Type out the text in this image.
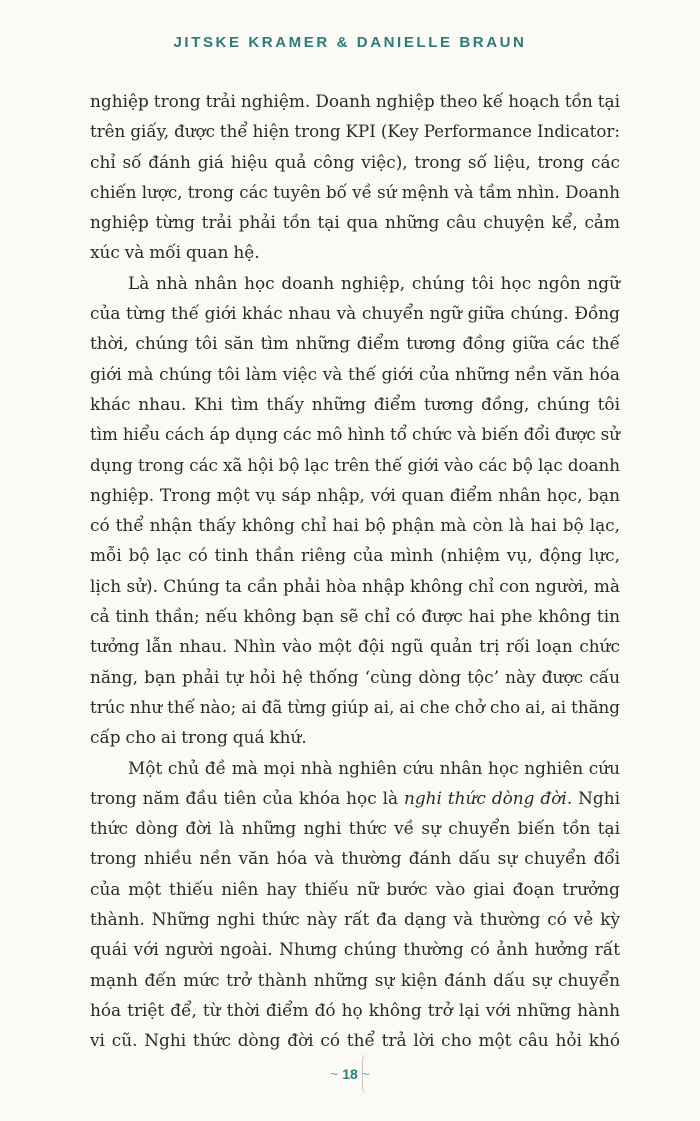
JITSKE KRAMER & DANIELLE BRAUN
nghiệp trong trải nghiệm. Doanh nghiệp theo kế hoạch tồn tại
trên giấy, được thể hiện trong KPI (Key Performance Indicator:
chỉ số đánh giá hiệu quả công việc), trong số liệu, trong các
chiến lược, trong các tuyên bố về sứ mệnh và tầm nhìn. Doanh
nghiệp từng trải phải tồn tại qua những câu chuyện kể, cảm
xúc và mối quan hệ.
Là nhà nhân học doanh nghiệp, chúng tôi học ngôn ngữ
của từng thế giới khác nhau và chuyển ngữ giữa chúng. Đồng
thời, chúng tôi săn tìm những điểm tương đồng giữa các thế
giới mà chúng tôi làm việc và thế giới của những nền văn hóa
khác nhau. Khi tìm thấy những điểm tương đồng, chúng tôi
tìm hiểu cách áp dụng các mô hình tổ chức và biến đổi được sử
dụng trong các xã hội bộ lạc trên thế giới vào các bộ lạc doanh
nghiệp. Trong một vụ sáp nhập, với quan điểm nhân học, bạn
có thể nhận thấy không chỉ hai bộ phận mà còn là hai bộ lạc,
mỗi bộ lạc có tinh thần riêng của mình (nhiệm vụ, động lực,
lịch sử). Chúng ta cần phải hòa nhập không chỉ con người, mà
cả tinh thần; nếu không bạn sẽ chỉ có được hai phe không tin
tưởng lẫn nhau. Nhìn vào một đội ngũ quản trị rối loạn chức
năng, bạn phải tự hỏi hệ thống ‘cùng dòng tộc’ này được cấu
trúc như thế nào; ai đã từng giúp ai, ai che chở cho ai, ai thăng
cấp cho ai trong quá khứ.
Một chủ đề mà mọi nhà nghiên cứu nhân học nghiên cứu
trong năm đầu tiên của khóa học là nghi thức dòng đời. Nghi
thức dòng đời là những nghi thức về sự chuyển biến tồn tại
trong nhiều nền văn hóa và thường đánh dấu sự chuyển đổi
của một thiếu niên hay thiếu nữ bước vào giai đoạn trưởng
thành. Những nghi thức này rất đa dạng và thường có vẻ kỳ
quái với người ngoài. Nhưng chúng thường có ảnh hưởng rất
mạnh đến mức trở thành những sự kiện đánh dấu sự chuyển
hóa triệt để, từ thời điểm đó họ không trở lại với những hành
vi cũ. Nghi thức dòng đời có thể trả lời cho một câu hỏi khó
~ 18 ~
